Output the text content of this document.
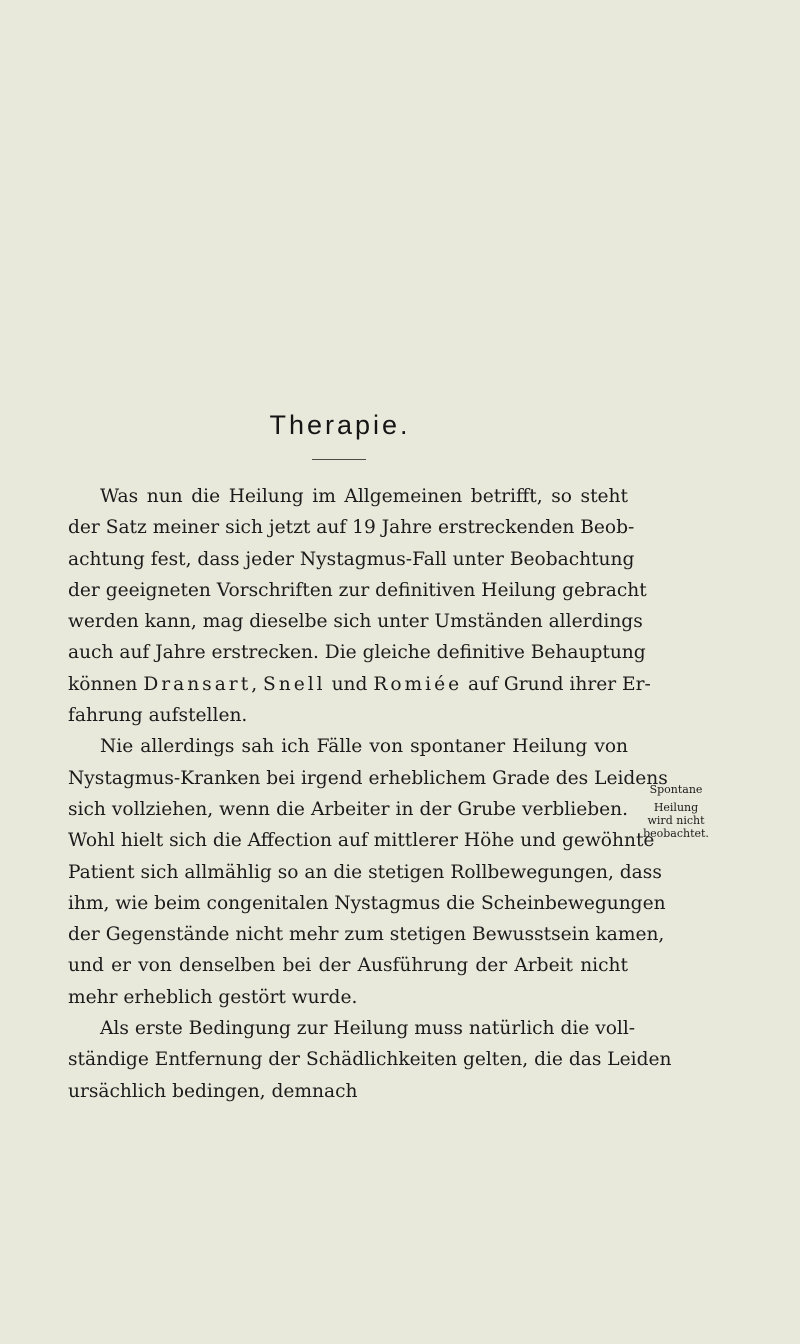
Therapie.
Was nun die Heilung im Allgemeinen betrifft, so steht
der Satz meiner sich jetzt auf 19 Jahre erstreckenden Beob-
achtung fest, dass jeder Nystagmus-Fall unter Beobachtung
der geeigneten Vorschriften zur definitiven Heilung gebracht
werden kann, mag dieselbe sich unter Umständen allerdings
auch auf Jahre erstrecken. Die gleiche definitive Behauptung
können Dransart, Snell und Romiée auf Grund ihrer Er-
fahrung aufstellen.
Nie allerdings sah ich Fälle von spontaner Heilung von
Nystagmus-Kranken bei irgend erheblichem Grade des Leidens
sich vollziehen, wenn die Arbeiter in der Grube verblieben.
Wohl hielt sich die Affection auf mittlerer Höhe und gewöhnte
Patient sich allmählig so an die stetigen Rollbewegungen, dass
ihm, wie beim congenitalen Nystagmus die Scheinbewegungen
der Gegenstände nicht mehr zum stetigen Bewusstsein kamen,
und er von denselben bei der Ausführung der Arbeit nicht
mehr erheblich gestört wurde.
Als erste Bedingung zur Heilung muss natürlich die voll-
ständige Entfernung der Schädlichkeiten gelten, die das Leiden
ursächlich bedingen, demnach
Spontane
Heilung
wird nicht
beobachtet.
